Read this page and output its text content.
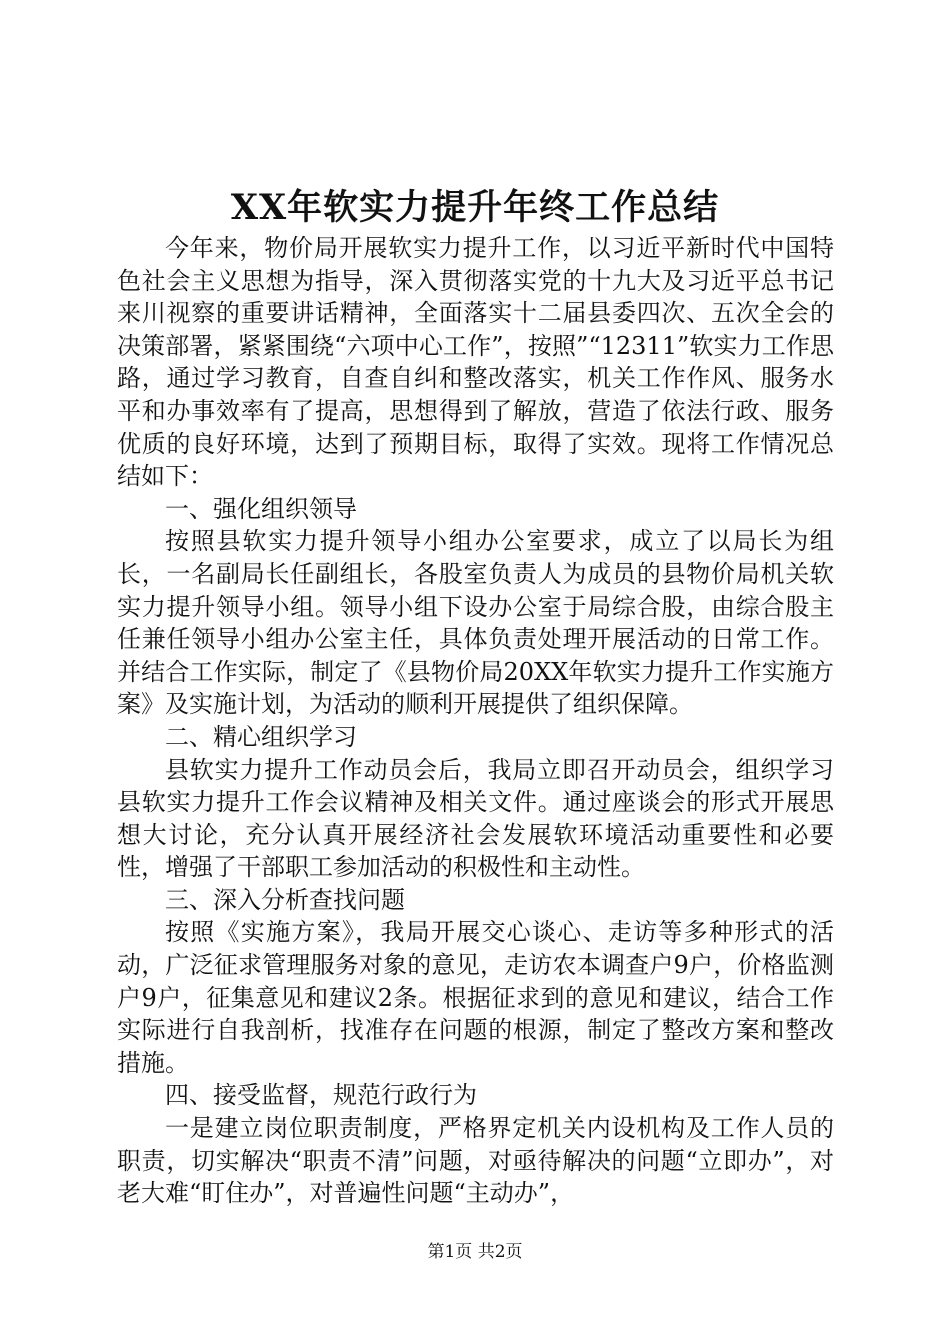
XX年软实力提升年终工作总结

今年来，物价局开展软实力提升工作，以习近平新时代中国特色社会主义思想为指导，深入贯彻落实党的十九大及习近平总书记来川视察的重要讲话精神，全面落实十二届县委四次、五次全会的决策部署，紧紧围绕“六项中心工作”，按照”“12311”软实力工作思路，通过学习教育，自查自纠和整改落实，机关工作作风、服务水平和办事效率有了提高，思想得到了解放，营造了依法行政、服务优质的良好环境，达到了预期目标，取得了实效。现将工作情况总结如下：

一、强化组织领导

按照县软实力提升领导小组办公室要求，成立了以局长为组长，一名副局长任副组长，各股室负责人为成员的县物价局机关软实力提升领导小组。领导小组下设办公室于局综合股，由综合股主任兼任领导小组办公室主任，具体负责处理开展活动的日常工作。并结合工作实际，制定了《县物价局20XX年软实力提升工作实施方案》及实施计划，为活动的顺利开展提供了组织保障。

二、精心组织学习

县软实力提升工作动员会后，我局立即召开动员会，组织学习县软实力提升工作会议精神及相关文件。通过座谈会的形式开展思想大讨论，充分认真开展经济社会发展软环境活动重要性和必要性，增强了干部职工参加活动的积极性和主动性。

三、深入分析查找问题

按照《实施方案》，我局开展交心谈心、走访等多种形式的活动，广泛征求管理服务对象的意见，走访农本调查户9户，价格监测户9户，征集意见和建议2条。根据征求到的意见和建议，结合工作实际进行自我剖析，找准存在问题的根源，制定了整改方案和整改措施。

四、接受监督，规范行政行为

一是建立岗位职责制度，严格界定机关内设机构及工作人员的职责，切实解决“职责不清”问题，对亟待解决的问题“立即办”，对老大难“盯住办”，对普遍性问题“主动办”，

第1页 共2页
